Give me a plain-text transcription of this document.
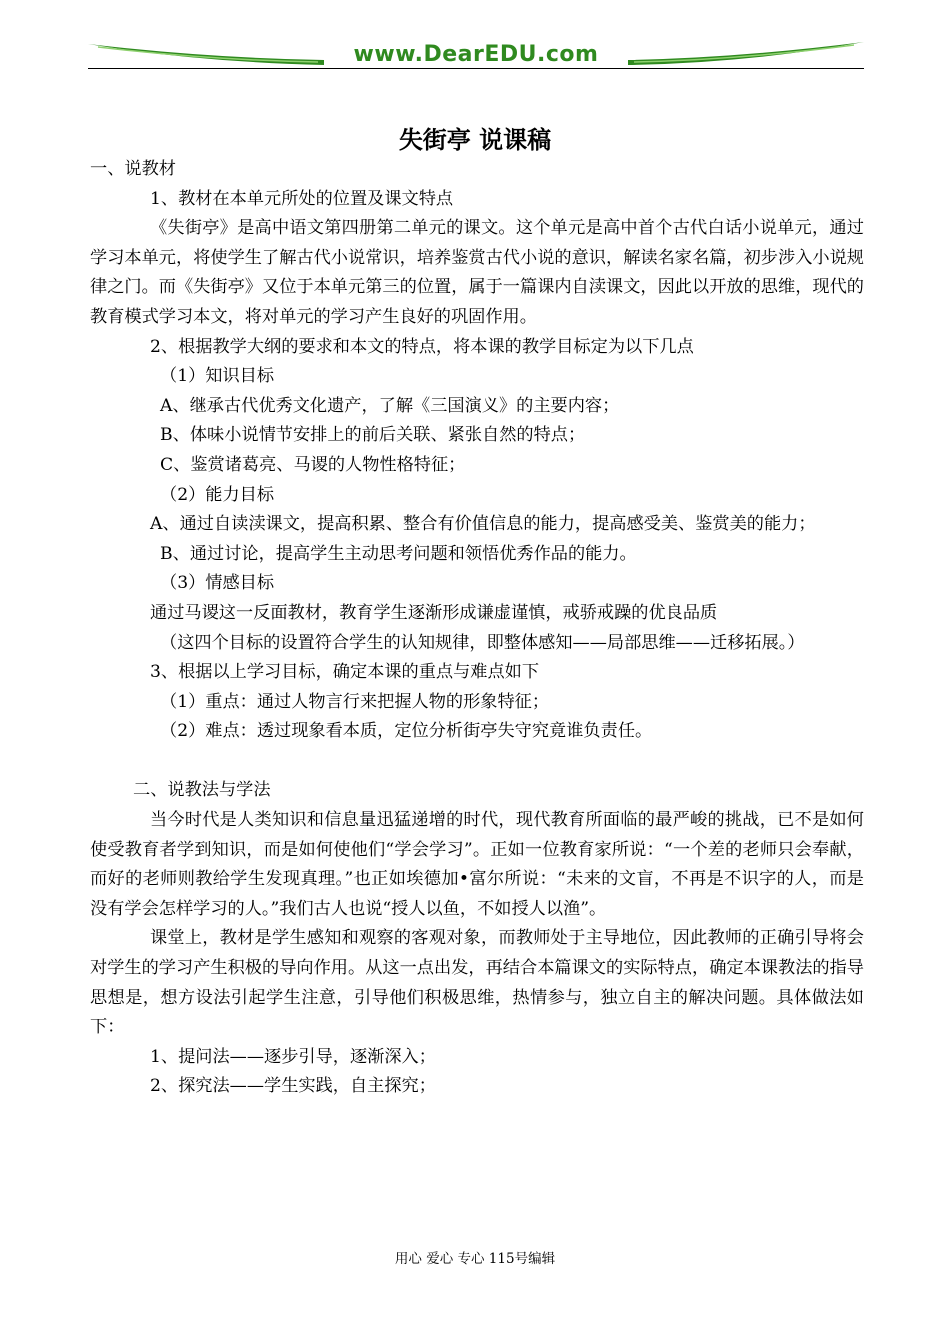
www.DearEDU.com
失街亭 说课稿

一、说教材

1、教材在本单元所处的位置及课文特点

《失街亭》是高中语文第四册第二单元的课文。这个单元是高中首个古代白话小说单元，通过学习本单元，将使学生了解古代小说常识，培养鉴赏古代小说的意识，解读名家名篇，初步涉入小说规律之门。而《失街亭》又位于本单元第三的位置，属于一篇课内自渎课文，因此以开放的思维，现代的教育模式学习本文，将对单元的学习产生良好的巩固作用。

2、根据教学大纲的要求和本文的特点，将本课的教学目标定为以下几点

（1）知识目标

A、继承古代优秀文化遗产，了解《三国演义》的主要内容；

B、体味小说情节安排上的前后关联、紧张自然的特点；

C、鉴赏诸葛亮、马谡的人物性格特征；

（2）能力目标

A、通过自读渎课文，提高积累、整合有价值信息的能力，提高感受美、鉴赏美的能力；

B、通过讨论，提高学生主动思考问题和领悟优秀作品的能力。

（3）情感目标

通过马谡这一反面教材，教育学生逐渐形成谦虚谨慎，戒骄戒躁的优良品质

（这四个目标的设置符合学生的认知规律，即整体感知——局部思维——迁移拓展。）

3、根据以上学习目标，确定本课的重点与难点如下

（1）重点：通过人物言行来把握人物的形象特征；

（2）难点：透过现象看本质，定位分析街亭失守究竟谁负责任。

二、说教法与学法

当今时代是人类知识和信息量迅猛递增的时代，现代教育所面临的最严峻的挑战，已不是如何使受教育者学到知识，而是如何使他们“学会学习”。正如一位教育家所说：“一个差的老师只会奉献，而好的老师则教给学生发现真理。”也正如埃德加•富尔所说：“未来的文盲，不再是不识字的人，而是没有学会怎样学习的人。”我们古人也说“授人以鱼，不如授人以渔”。

课堂上，教材是学生感知和观察的客观对象，而教师处于主导地位，因此教师的正确引导将会对学生的学习产生积极的导向作用。从这一点出发，再结合本篇课文的实际特点，确定本课教法的指导思想是，想方设法引起学生注意，引导他们积极思维，热情参与，独立自主的解决问题。具体做法如下：

1、提问法——逐步引导，逐渐深入；

2、探究法——学生实践，自主探究；

用心 爱心 专心 115号编辑
